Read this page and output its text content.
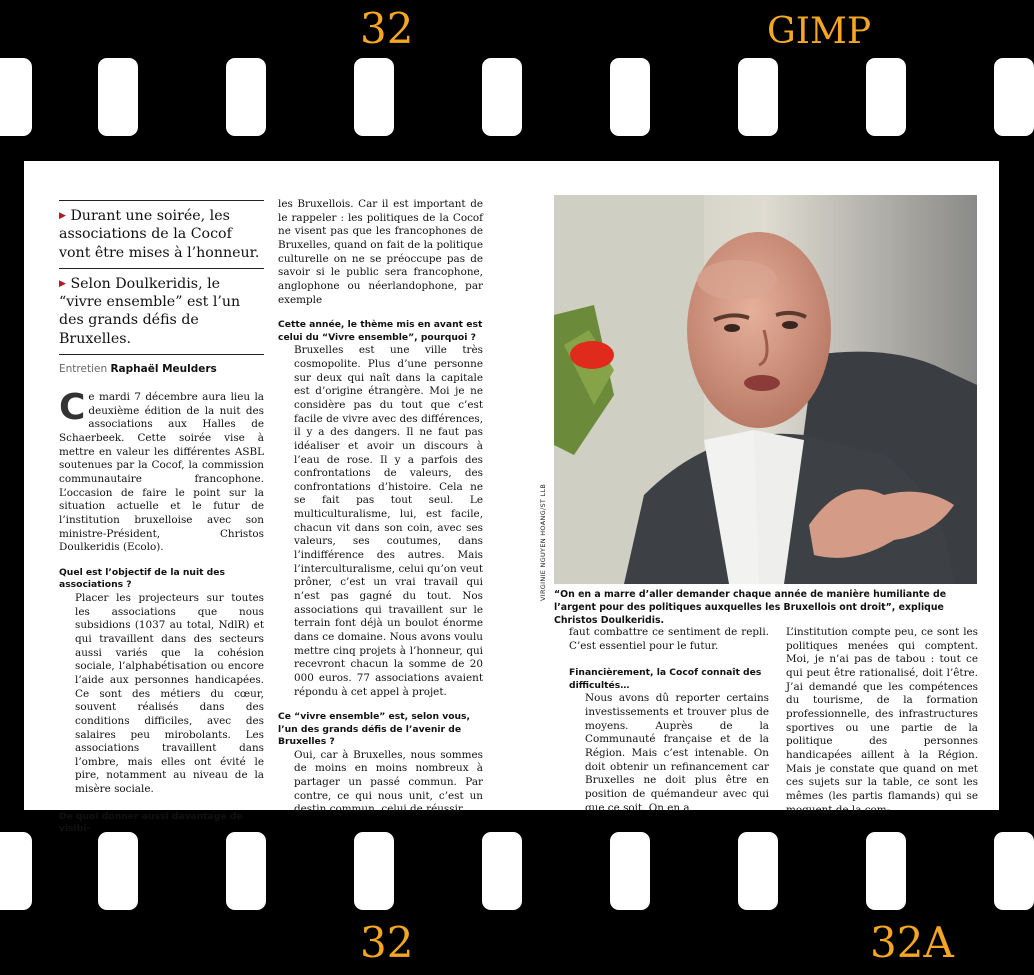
32	GIMP

▶ Durant une soirée, les associations de la Cocof vont être mises à l’honneur.

▶ Selon Doulkeridis, le “vivre ensemble” est l’un des grands défis de Bruxelles.

Entretien Raphaël Meulders

Ce mardi 7 décembre aura lieu la deuxième édition de la nuit des associations aux Halles de Schaerbeek. Cette soirée vise à mettre en valeur les différentes ASBL soutenues par la Cocof, la commission communautaire francophone. L’occasion de faire le point sur la situation actuelle et le futur de l’institution bruxelloise avec son ministre-Président, Christos Doulkeridis (Ecolo).

Quel est l’objectif de la nuit des associations ?

Placer les projecteurs sur toutes les associations que nous subsidions (1037 au total, NdlR) et qui travaillent dans des secteurs aussi variés que la cohésion sociale, l’alphabétisation ou encore l’aide aux personnes handicapées. Ce sont des métiers du cœur, souvent réalisés dans des conditions difficiles, avec des salaires peu mirobolants. Les associations travaillent dans l’ombre, mais elles ont évité le pire, notamment au niveau de la misère sociale.

De quoi donner aussi davantage de visibi-

les Bruxellois. Car il est important de le rappeler : les politiques de la Cocof ne visent pas que les francophones de Bruxelles, quand on fait de la politique culturelle on ne se préoccupe pas de savoir si le public sera francophone, anglophone ou néerlandophone, par exemple

Cette année, le thème mis en avant est celui du “Vivre ensemble”, pourquoi ?

Bruxelles est une ville très cosmopolite. Plus d’une personne sur deux qui naît dans la capitale est d’origine étrangère. Moi je ne considère pas du tout que c’est facile de vivre avec des différences, il y a des dangers. Il ne faut pas idéaliser et avoir un discours à l’eau de rose. Il y a parfois des confrontations de valeurs, des confrontations d’histoire. Cela ne se fait pas tout seul. Le multiculturalisme, lui, est facile, chacun vit dans son coin, avec ses valeurs, ses coutumes, dans l’indifférence des autres. Mais l’interculturalisme, celui qu’on veut prôner, c’est un vrai travail qui n’est pas gagné du tout. Nos associations qui travaillent sur le terrain font déjà un boulot énorme dans ce domaine. Nous avons voulu mettre cinq projets à l’honneur, qui recevront chacun la somme de 20 000 euros. 77 associations avaient répondu à cet appel à projet.

Ce “vivre ensemble” est, selon vous, l’un des grands défis de l’avenir de Bruxelles ?

Oui, car à Bruxelles, nous sommes de moins en moins nombreux à partager un passé commun. Par contre, ce qui nous unit, c’est un destin commun, celui de réussir

VIRGINIE NGUYEN HOANG/ST LLB “On en a marre d’aller demander chaque année de manière humiliante de l’argent pour des politiques auxquelles les Bruxellois ont droit”, explique Christos Doulkeridis.

faut combattre ce sentiment de repli. C’est essentiel pour le futur.

Financièrement, la Cocof connaît des difficultés…

Nous avons dû reporter certains investissements et trouver plus de moyens. Auprès de la Communauté française et de la Région. Mais c’est intenable. On doit obtenir un refinancement car Bruxelles ne doit plus être en position de quémandeur avec qui que ce soit. On en a

L’institution compte peu, ce sont les politiques menées qui comptent. Moi, je n’ai pas de tabou : tout ce qui peut être rationalisé, doit l’être. J’ai demandé que les compétences du tourisme, de la formation professionnelle, des infrastructures sportives ou une partie de la politique des personnes handicapées aillent à la Région. Mais je constate que quand on met ces sujets sur la table, ce sont les mêmes (les partis flamands) qui se moquent de la com-

32	32A
